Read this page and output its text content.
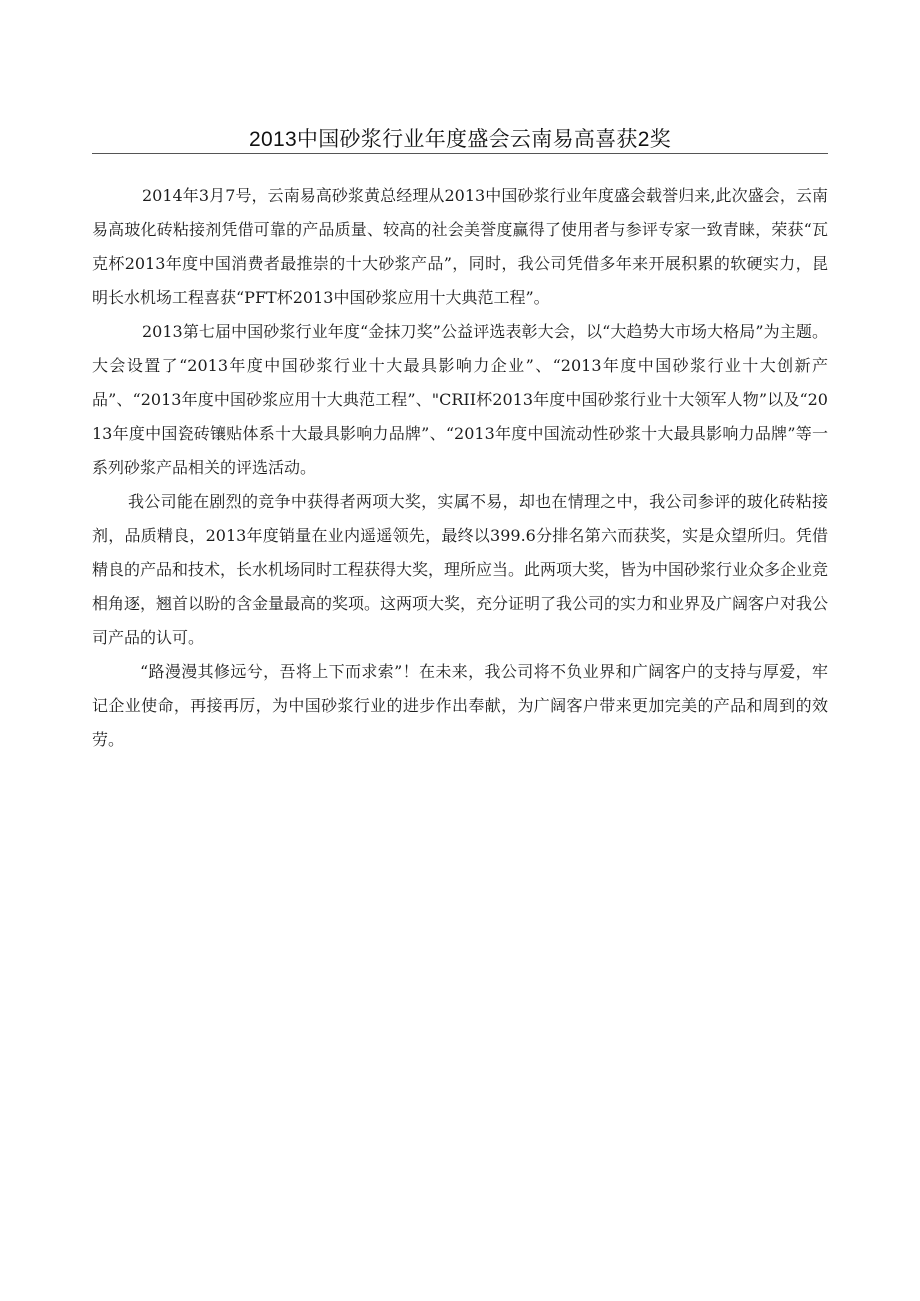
2013中国砂浆行业年度盛会云南易高喜获2奖

2014年3月7号，云南易高砂浆黄总经理从2013中国砂浆行业年度盛会载誉归来,此次盛会，云南易高玻化砖粘接剂凭借可靠的产品质量、较高的社会美誉度赢得了使用者与参评专家一致青睐，荣获“瓦克杯2013年度中国消费者最推崇的十大砂浆产品”，同时，我公司凭借多年来开展积累的软硬实力，昆明长水机场工程喜获“PFT杯2013中国砂浆应用十大典范工程”。

2013第七届中国砂浆行业年度“金抹刀奖”公益评选表彰大会，以“大趋势大市场大格局”为主题。大会设置了“2013年度中国砂浆行业十大最具影响力企业”、“2013年度中国砂浆行业十大创新产品”、“2013年度中国砂浆应用十大典范工程”、"CRII杯2013年度中国砂浆行业十大领军人物”以及“2013年度中国瓷砖镶贴体系十大最具影响力品牌”、“2013年度中国流动性砂浆十大最具影响力品牌”等一系列砂浆产品相关的评选活动。

我公司能在剧烈的竞争中获得者两项大奖，实属不易，却也在情理之中，我公司参评的玻化砖粘接剂，品质精良，2013年度销量在业内遥遥领先，最终以399.6分排名第六而获奖，实是众望所归。凭借精良的产品和技术，长水机场同时工程获得大奖，理所应当。此两项大奖，皆为中国砂浆行业众多企业竞相角逐，翘首以盼的含金量最高的奖项。这两项大奖，充分证明了我公司的实力和业界及广阔客户对我公司产品的认可。

“路漫漫其修远兮，吾将上下而求索”！在未来，我公司将不负业界和广阔客户的支持与厚爱，牢记企业使命，再接再厉，为中国砂浆行业的进步作出奉献，为广阔客户带来更加完美的产品和周到的效劳。
